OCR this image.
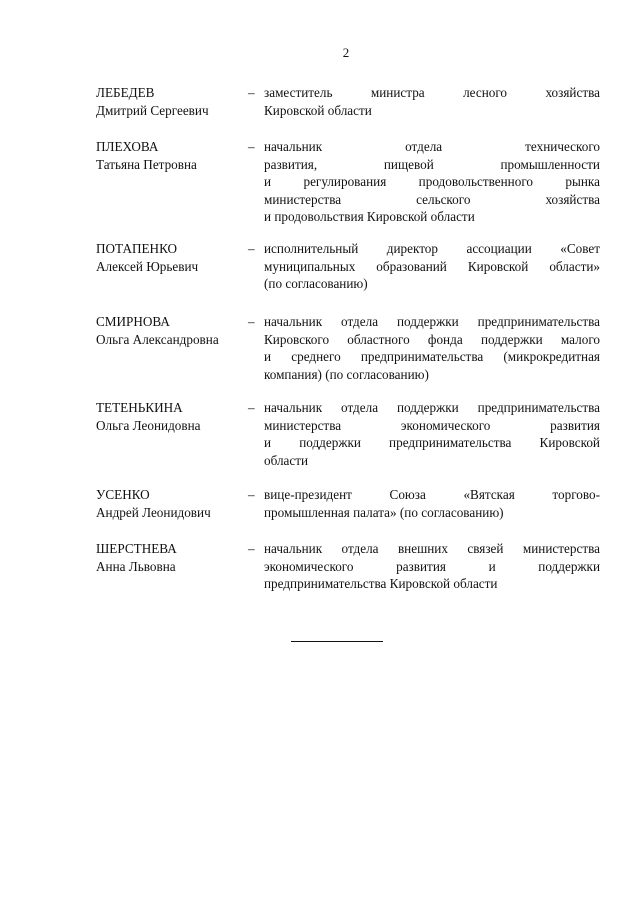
2
ЛЕБЕДЕВ
Дмитрий Сергеевич
– заместитель министра лесного хозяйства
Кировской области
ПЛЕХОВА
Татьяна Петровна
– начальник отдела технического
развития, пищевой промышленности
и регулирования продовольственного рынка
министерства сельского хозяйства
и продовольствия Кировской области
ПОТАПЕНКО
Алексей Юрьевич
– исполнительный директор ассоциации «Совет
муниципальных образований Кировской области»
(по согласованию)
СМИРНОВА
Ольга Александровна
– начальник отдела поддержки предпринимательства
Кировского областного фонда поддержки малого
и среднего предпринимательства (микрокредитная
компания) (по согласованию)
ТЕТЕНЬКИНА
Ольга Леонидовна
– начальник отдела поддержки предпринимательства
министерства экономического развития
и поддержки предпринимательства Кировской
области
УСЕНКО
Андрей Леонидович
– вице-президент Союза «Вятская торгово-
промышленная палата» (по согласованию)
ШЕРСТНЕВА
Анна Львовна
– начальник отдела внешних связей министерства
экономического развития и поддержки
предпринимательства Кировской области
